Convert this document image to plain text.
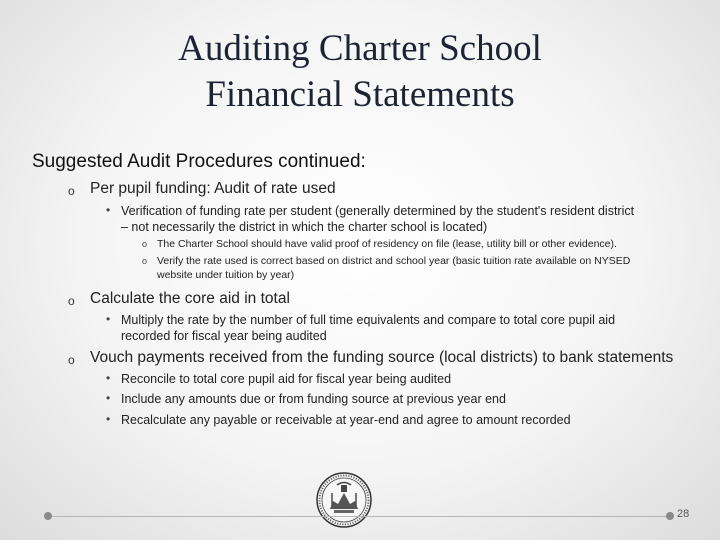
Auditing Charter School
Financial Statements
Suggested Audit Procedures continued:
o Per pupil funding: Audit of rate used
• Verification of funding rate per student (generally determined by the student's resident district
– not necessarily the district in which the charter school is located)
o The Charter School should have valid proof of residency on file (lease, utility bill or other evidence).
o Verify the rate used is correct based on district and school year (basic tuition rate available on NYSED
website under tuition by year)
o Calculate the core aid in total
• Multiply the rate by the number of full time equivalents and compare to total core pupil aid
recorded for fiscal year being audited
o Vouch payments received from the funding source (local districts) to bank statements
• Reconcile to total core pupil aid for fiscal year being audited
• Include any amounts due or from funding source at previous year end
• Recalculate any payable or receivable at year-end and agree to amount recorded
28
